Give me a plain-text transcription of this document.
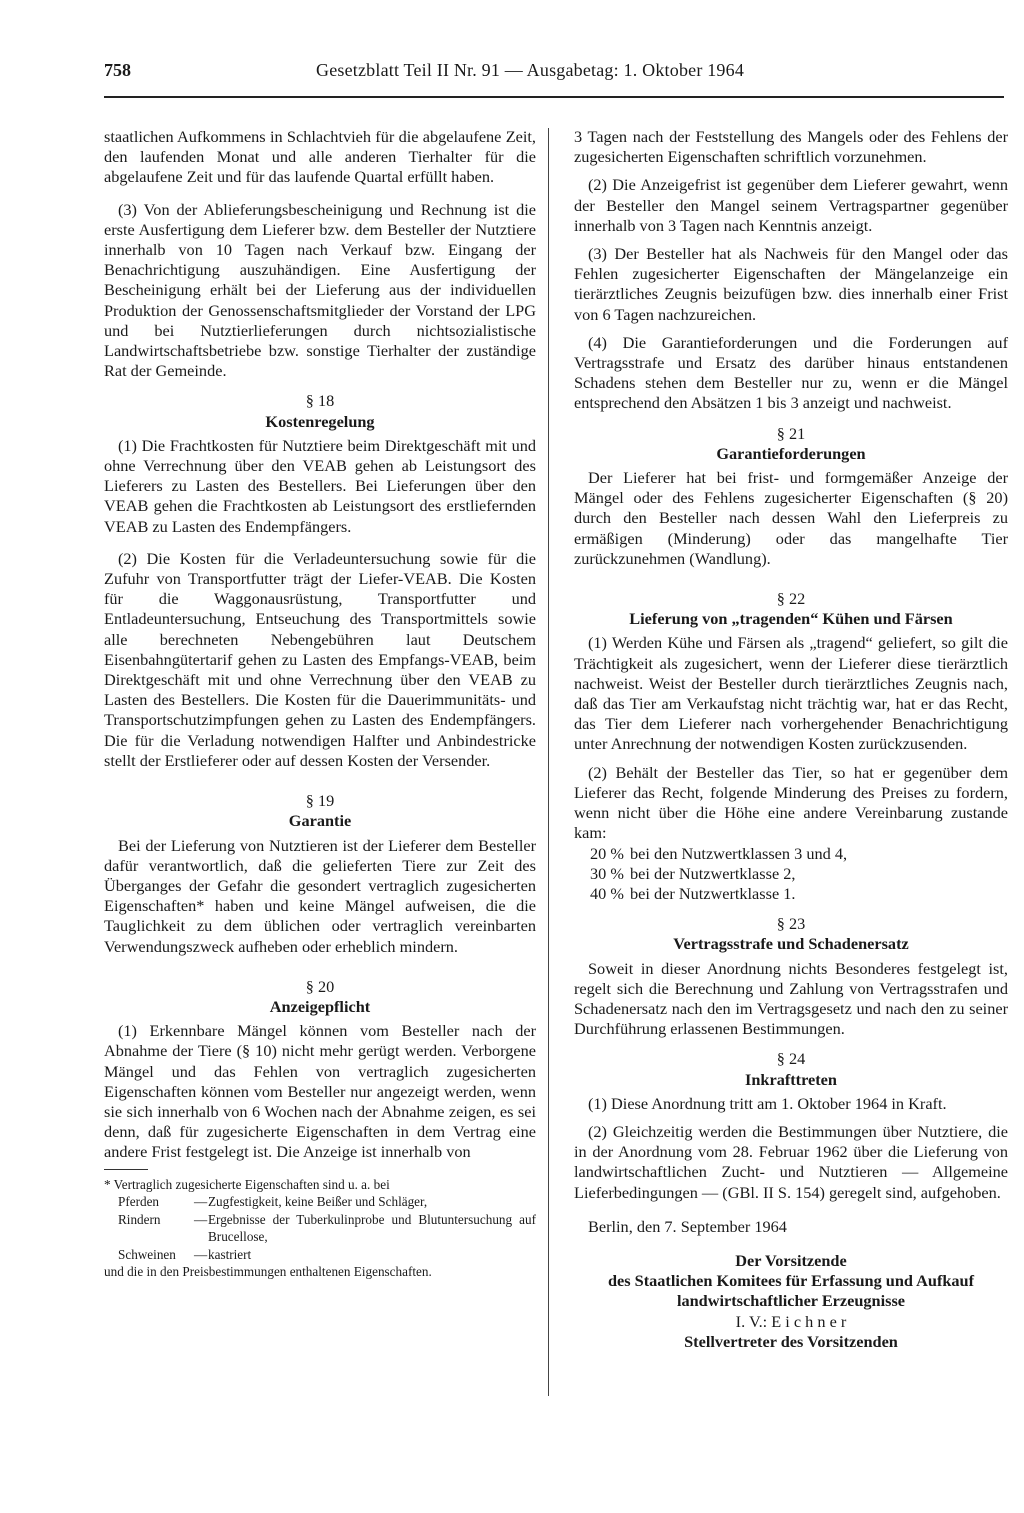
758	Gesetzblatt Teil II Nr. 91 — Ausgabetag: 1. Oktober 1964

staatlichen Aufkommens in Schlachtvieh für die abgelaufene Zeit, den laufenden Monat und alle anderen Tierhalter für die abgelaufene Zeit und für das laufende Quartal erfüllt haben.

(3) Von der Ablieferungsbescheinigung und Rechnung ist die erste Ausfertigung dem Lieferer bzw. dem Besteller der Nutztiere innerhalb von 10 Tagen nach Verkauf bzw. Eingang der Benachrichtigung auszuhändigen. Eine Ausfertigung der Bescheinigung erhält bei der Lieferung aus der individuellen Produktion der Genossenschaftsmitglieder der Vorstand der LPG und bei Nutztierlieferungen durch nichtsozialistische Landwirtschaftsbetriebe bzw. sonstige Tierhalter der zuständige Rat der Gemeinde.

§ 18

Kostenregelung

(1) Die Frachtkosten für Nutztiere beim Direktgeschäft mit und ohne Verrechnung über den VEAB gehen ab Leistungsort des Lieferers zu Lasten des Bestellers. Bei Lieferungen über den VEAB gehen die Frachtkosten ab Leistungsort des erstliefernden VEAB zu Lasten des Endempfängers.

(2) Die Kosten für die Verladeuntersuchung sowie für die Zufuhr von Transportfutter trägt der Liefer-VEAB. Die Kosten für die Waggonausrüstung, Transportfutter und Entladeuntersuchung, Entseuchung des Transportmittels sowie alle berechneten Nebengebühren laut Deutschem Eisenbahngütertarif gehen zu Lasten des Empfangs-VEAB, beim Direktgeschäft mit und ohne Verrechnung über den VEAB zu Lasten des Bestellers. Die Kosten für die Dauerimmunitäts- und Transportschutzimpfungen gehen zu Lasten des Endempfängers. Die für die Verladung notwendigen Halfter und Anbindestricke stellt der Erstlieferer oder auf dessen Kosten der Versender.

§ 19

Garantie

Bei der Lieferung von Nutztieren ist der Lieferer dem Besteller dafür verantwortlich, daß die gelieferten Tiere zur Zeit des Überganges der Gefahr die gesondert vertraglich zugesicherten Eigenschaften* haben und keine Mängel aufweisen, die die Tauglichkeit zu dem üblichen oder vertraglich vereinbarten Verwendungszweck aufheben oder erheblich mindern.

§ 20

Anzeigepflicht

(1) Erkennbare Mängel können vom Besteller nach der Abnahme der Tiere (§ 10) nicht mehr gerügt werden. Verborgene Mängel und das Fehlen von vertraglich zugesicherten Eigenschaften können vom Besteller nur angezeigt werden, wenn sie sich innerhalb von 6 Wochen nach der Abnahme zeigen, es sei denn, daß für zugesicherte Eigenschaften in dem Vertrag eine andere Frist festgelegt ist. Die Anzeige ist innerhalb von

* Vertraglich zugesicherte Eigenschaften sind u. a. bei

Pferden	—	Zugfestigkeit, keine Beißer und Schläger,
Rindern	—	Ergebnisse der Tuberkulinprobe und Blutuntersuchung auf Brucellose,
Schweinen	—	kastriert

und die in den Preisbestimmungen enthaltenen Eigenschaften.

3 Tagen nach der Feststellung des Mangels oder des Fehlens der zugesicherten Eigenschaften schriftlich vorzunehmen.

(2) Die Anzeigefrist ist gegenüber dem Lieferer gewahrt, wenn der Besteller den Mangel seinem Vertragspartner gegenüber innerhalb von 3 Tagen nach Kenntnis anzeigt.

(3) Der Besteller hat als Nachweis für den Mangel oder das Fehlen zugesicherter Eigenschaften der Mängelanzeige ein tierärztliches Zeugnis beizufügen bzw. dies innerhalb einer Frist von 6 Tagen nachzureichen.

(4) Die Garantieforderungen und die Forderungen auf Vertragsstrafe und Ersatz des darüber hinaus entstandenen Schadens stehen dem Besteller nur zu, wenn er die Mängel entsprechend den Absätzen 1 bis 3 anzeigt und nachweist.

§ 21

Garantieforderungen

Der Lieferer hat bei frist- und formgemäßer Anzeige der Mängel oder des Fehlens zugesicherter Eigenschaften (§ 20) durch den Besteller nach dessen Wahl den Lieferpreis zu ermäßigen (Minderung) oder das mangelhafte Tier zurückzunehmen (Wandlung).

§ 22

Lieferung von „tragenden“ Kühen und Färsen

(1) Werden Kühe und Färsen als „tragend“ geliefert, so gilt die Trächtigkeit als zugesichert, wenn der Lieferer diese tierärztlich nachweist. Weist der Besteller durch tierärztliches Zeugnis nach, daß das Tier am Verkaufstag nicht trächtig war, hat er das Recht, das Tier dem Lieferer nach vorhergehender Benachrichtigung unter Anrechnung der notwendigen Kosten zurückzusenden.

(2) Behält der Besteller das Tier, so hat er gegenüber dem Lieferer das Recht, folgende Minderung des Preises zu fordern, wenn nicht über die Höhe eine andere Vereinbarung zustande kam:

20 % bei den Nutzwertklassen 3 und 4,
30 % bei der Nutzwertklasse 2,
40 % bei der Nutzwertklasse 1.

§ 23

Vertragsstrafe und Schadenersatz

Soweit in dieser Anordnung nichts Besonderes festgelegt ist, regelt sich die Berechnung und Zahlung von Vertragsstrafen und Schadenersatz nach den im Vertragsgesetz und nach den zu seiner Durchführung erlassenen Bestimmungen.

§ 24

Inkrafttreten

(1) Diese Anordnung tritt am 1. Oktober 1964 in Kraft.

(2) Gleichzeitig werden die Bestimmungen über Nutztiere, die in der Anordnung vom 28. Februar 1962 über die Lieferung von landwirtschaftlichen Zucht- und Nutztieren — Allgemeine Lieferbedingungen — (GBl. II S. 154) geregelt sind, aufgehoben.

Berlin, den 7. September 1964

Der Vorsitzende

des Staatlichen Komitees für Erfassung und Aufkauf

landwirtschaftlicher Erzeugnisse

I. V.: E i c h n e r

Stellvertreter des Vorsitzenden
